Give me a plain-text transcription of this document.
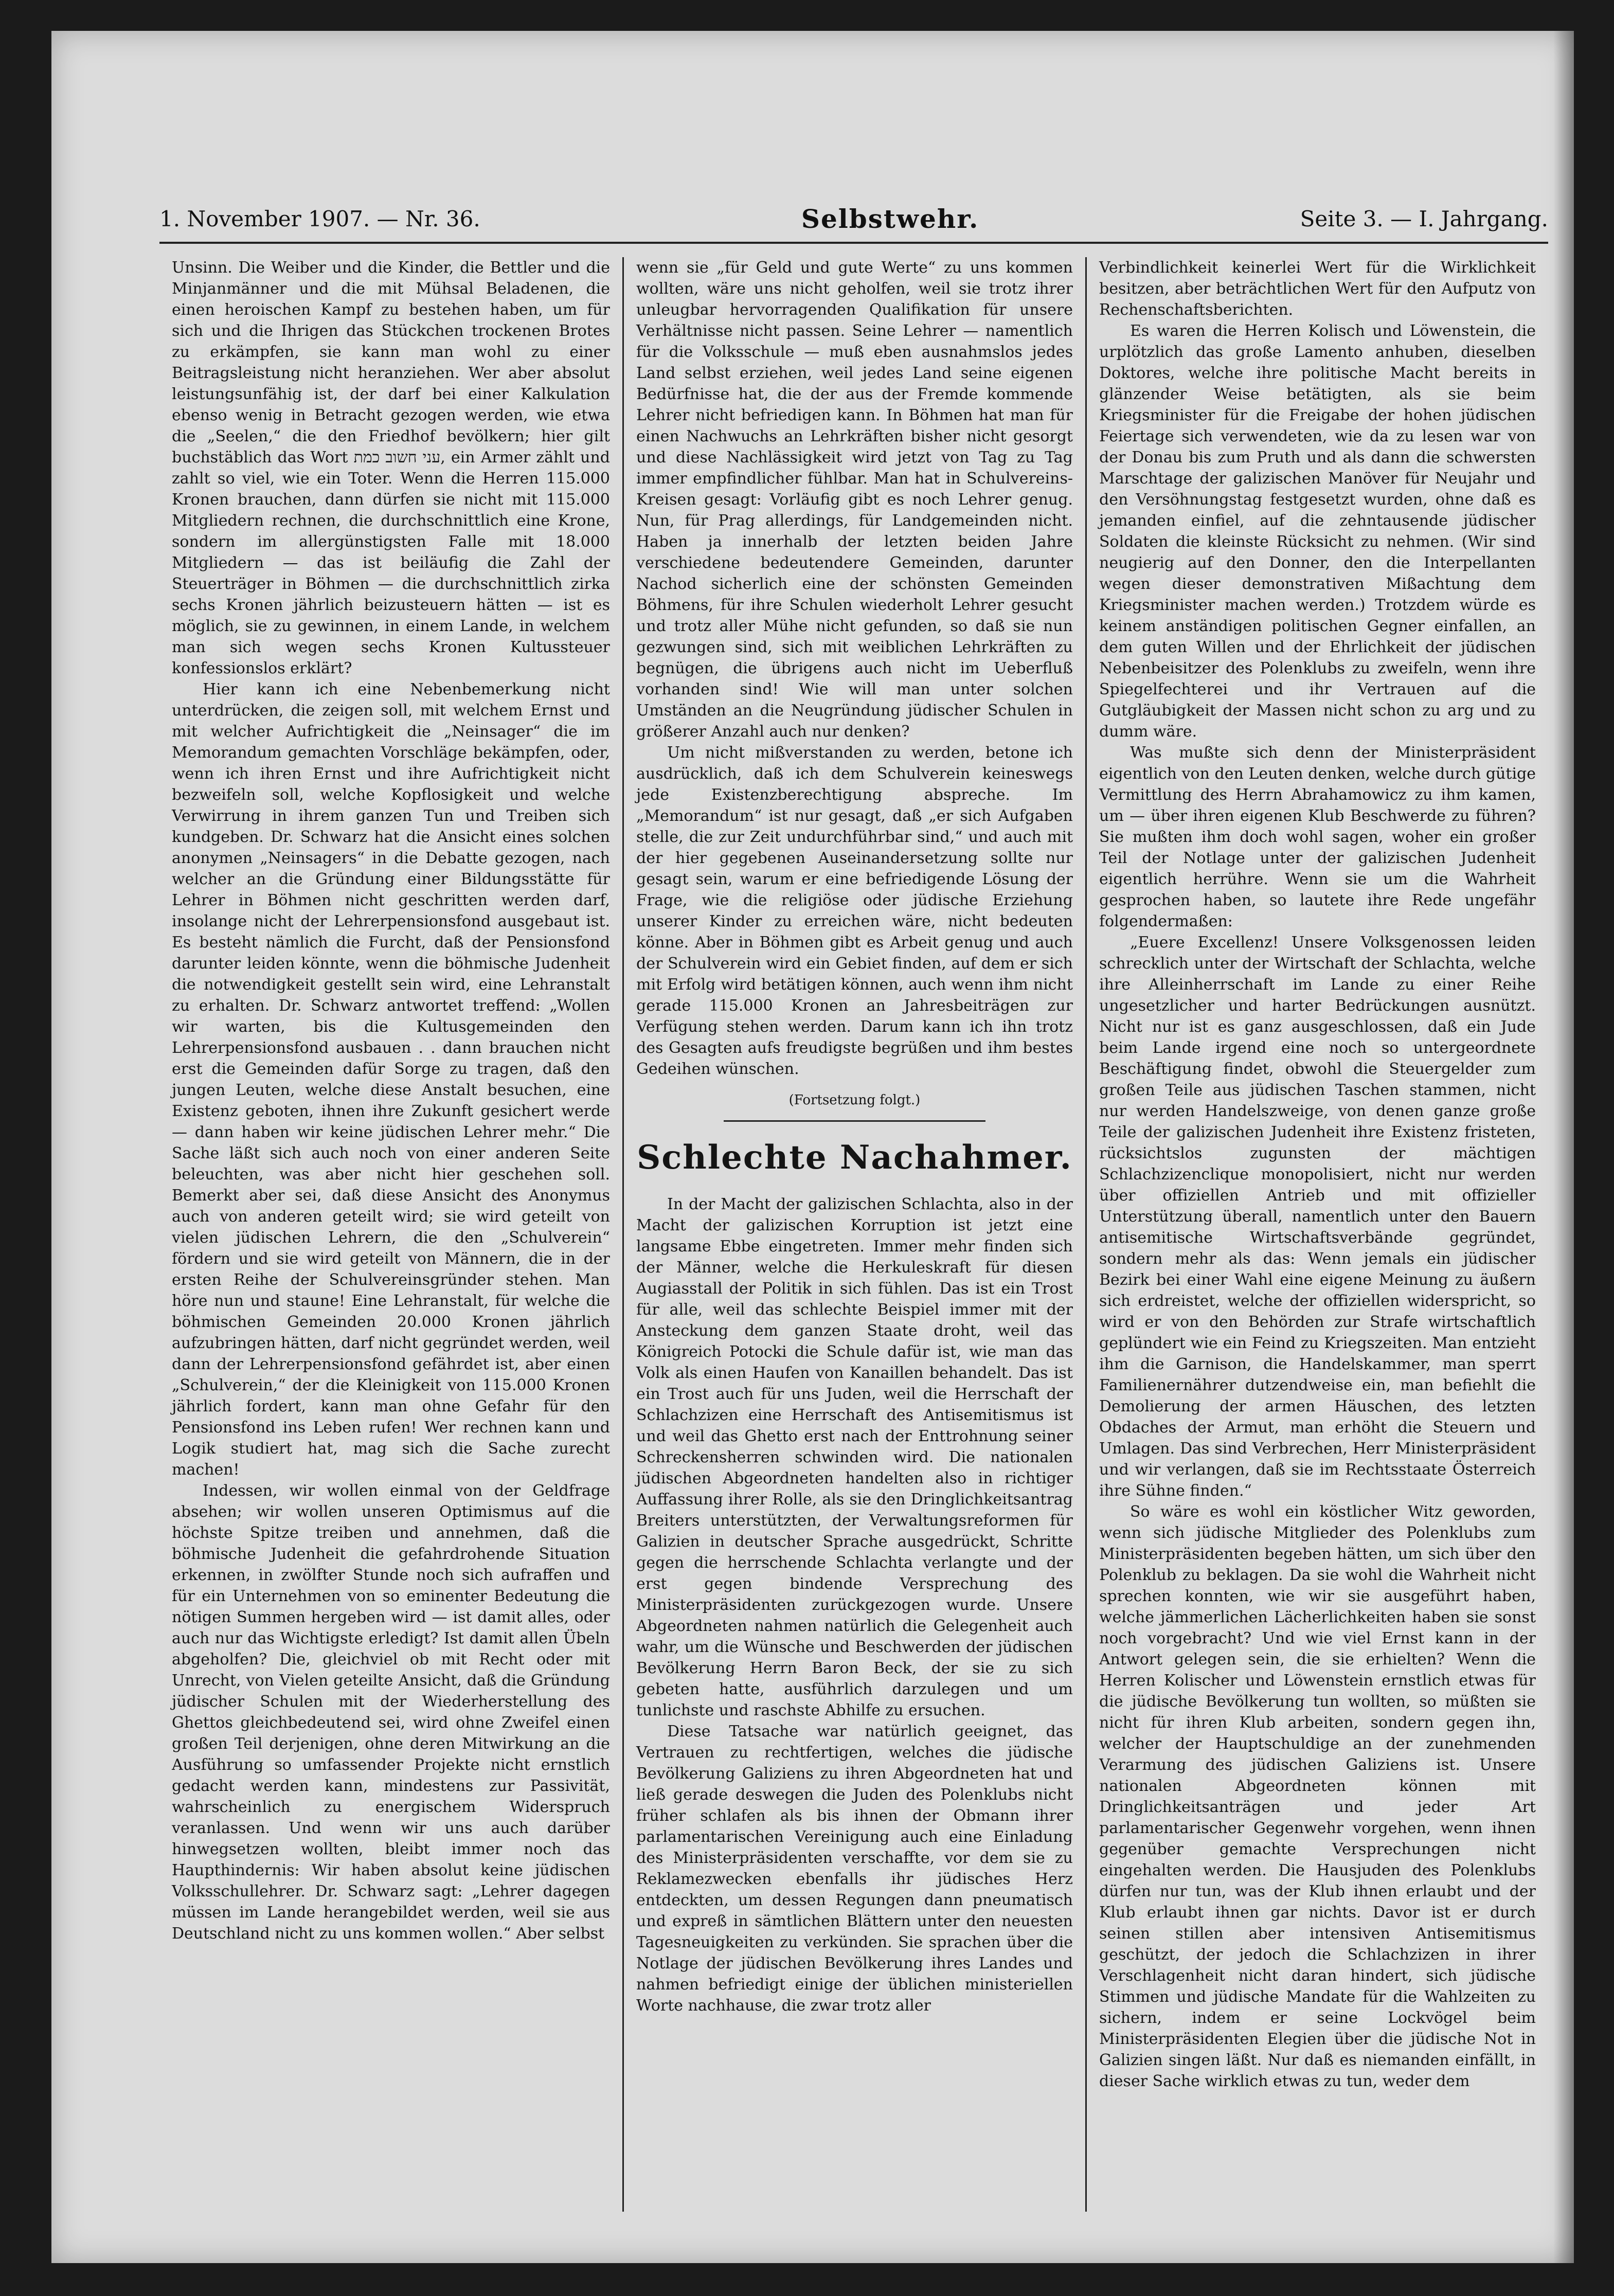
1. November 1907. — Nr. 36.	Selbstwehr.	Seite 3. — I. Jahrgang.

Unsinn. Die Weiber und die Kinder, die Bettler und die Minjanmänner und die mit Mühsal Beladenen, die einen heroischen Kampf zu bestehen haben, um für sich und die Ihrigen das Stückchen trockenen Brotes zu erkämpfen, sie kann man wohl zu einer Beitragsleistung nicht heranziehen. Wer aber absolut leistungsunfähig ist, der darf bei einer Kalkulation ebenso wenig in Betracht gezogen werden, wie etwa die „Seelen,“ die den Friedhof bevölkern; hier gilt buchstäblich das Wort עני חשוב כמת, ein Armer zählt und zahlt so viel, wie ein Toter. Wenn die Herren 115.000 Kronen brauchen, dann dürfen sie nicht mit 115.000 Mitgliedern rechnen, die durchschnittlich eine Krone, sondern im allergünstigsten Falle mit 18.000 Mitgliedern — das ist beiläufig die Zahl der Steuerträger in Böhmen — die durchschnittlich zirka sechs Kronen jährlich beizusteuern hätten — ist es möglich, sie zu gewinnen, in einem Lande, in welchem man sich wegen sechs Kronen Kultussteuer konfessionslos erklärt?

Hier kann ich eine Nebenbemerkung nicht unterdrücken, die zeigen soll, mit welchem Ernst und mit welcher Aufrichtigkeit die „Neinsager“ die im Memorandum gemachten Vorschläge bekämpfen, oder, wenn ich ihren Ernst und ihre Aufrichtigkeit nicht bezweifeln soll, welche Kopflosigkeit und welche Verwirrung in ihrem ganzen Tun und Treiben sich kundgeben. Dr. Schwarz hat die Ansicht eines solchen anonymen „Neinsagers“ in die Debatte gezogen, nach welcher an die Gründung einer Bildungsstätte für Lehrer in Böhmen nicht geschritten werden darf, insolange nicht der Lehrerpensionsfond ausgebaut ist. Es besteht nämlich die Furcht, daß der Pensionsfond darunter leiden könnte, wenn die böhmische Judenheit die notwendigkeit gestellt sein wird, eine Lehranstalt zu erhalten. Dr. Schwarz antwortet treffend: „Wollen wir warten, bis die Kultusgemeinden den Lehrerpensionsfond ausbauen . . dann brauchen nicht erst die Gemeinden dafür Sorge zu tragen, daß den jungen Leuten, welche diese Anstalt besuchen, eine Existenz geboten, ihnen ihre Zukunft gesichert werde — dann haben wir keine jüdischen Lehrer mehr.“ Die Sache läßt sich auch noch von einer anderen Seite beleuchten, was aber nicht hier geschehen soll. Bemerkt aber sei, daß diese Ansicht des Anonymus auch von anderen geteilt wird; sie wird geteilt von vielen jüdischen Lehrern, die den „Schulverein“ fördern und sie wird geteilt von Männern, die in der ersten Reihe der Schulvereinsgründer stehen. Man höre nun und staune! Eine Lehranstalt, für welche die böhmischen Gemeinden 20.000 Kronen jährlich aufzubringen hätten, darf nicht gegründet werden, weil dann der Lehrerpensionsfond gefährdet ist, aber einen „Schulverein,“ der die Kleinigkeit von 115.000 Kronen jährlich fordert, kann man ohne Gefahr für den Pensionsfond ins Leben rufen! Wer rechnen kann und Logik studiert hat, mag sich die Sache zurecht machen!

Indessen, wir wollen einmal von der Geldfrage absehen; wir wollen unseren Optimismus auf die höchste Spitze treiben und annehmen, daß die böhmische Judenheit die gefahrdrohende Situation erkennen, in zwölfter Stunde noch sich aufraffen und für ein Unternehmen von so eminenter Bedeutung die nötigen Summen hergeben wird — ist damit alles, oder auch nur das Wichtigste erledigt? Ist damit allen Übeln abgeholfen? Die, gleichviel ob mit Recht oder mit Unrecht, von Vielen geteilte Ansicht, daß die Gründung jüdischer Schulen mit der Wiederherstellung des Ghettos gleichbedeutend sei, wird ohne Zweifel einen großen Teil derjenigen, ohne deren Mitwirkung an die Ausführung so umfassender Projekte nicht ernstlich gedacht werden kann, mindestens zur Passivität, wahrscheinlich zu energischem Widerspruch veranlassen. Und wenn wir uns auch darüber hinwegsetzen wollten, bleibt immer noch das Haupthindernis: Wir haben absolut keine jüdischen Volksschullehrer. Dr. Schwarz sagt: „Lehrer dagegen müssen im Lande herangebildet werden, weil sie aus Deutschland nicht zu uns kommen wollen.“ Aber selbst

wenn sie „für Geld und gute Werte“ zu uns kommen wollten, wäre uns nicht geholfen, weil sie trotz ihrer unleugbar hervorragenden Qualifikation für unsere Verhältnisse nicht passen. Seine Lehrer — namentlich für die Volksschule — muß eben ausnahmslos jedes Land selbst erziehen, weil jedes Land seine eigenen Bedürfnisse hat, die der aus der Fremde kommende Lehrer nicht befriedigen kann. In Böhmen hat man für einen Nachwuchs an Lehrkräften bisher nicht gesorgt und diese Nachlässigkeit wird jetzt von Tag zu Tag immer empfindlicher fühlbar. Man hat in Schulvereins-Kreisen gesagt: Vorläufig gibt es noch Lehrer genug. Nun, für Prag allerdings, für Landgemeinden nicht. Haben ja innerhalb der letzten beiden Jahre verschiedene bedeutendere Gemeinden, darunter Nachod sicherlich eine der schönsten Gemeinden Böhmens, für ihre Schulen wiederholt Lehrer gesucht und trotz aller Mühe nicht gefunden, so daß sie nun gezwungen sind, sich mit weiblichen Lehrkräften zu begnügen, die übrigens auch nicht im Ueberfluß vorhanden sind! Wie will man unter solchen Umständen an die Neugründung jüdischer Schulen in größerer Anzahl auch nur denken?

Um nicht mißverstanden zu werden, betone ich ausdrücklich, daß ich dem Schulverein keineswegs jede Existenzberechtigung abspreche. Im „Memorandum“ ist nur gesagt, daß „er sich Aufgaben stelle, die zur Zeit undurchführbar sind,“ und auch mit der hier gegebenen Auseinandersetzung sollte nur gesagt sein, warum er eine befriedigende Lösung der Frage, wie die religiöse oder jüdische Erziehung unserer Kinder zu erreichen wäre, nicht bedeuten könne. Aber in Böhmen gibt es Arbeit genug und auch der Schulverein wird ein Gebiet finden, auf dem er sich mit Erfolg wird betätigen können, auch wenn ihm nicht gerade 115.000 Kronen an Jahresbeiträgen zur Verfügung stehen werden. Darum kann ich ihn trotz des Gesagten aufs freudigste begrüßen und ihm bestes Gedeihen wünschen.

(Fortsetzung folgt.)
Schlechte Nachahmer.

In der Macht der galizischen Schlachta, also in der Macht der galizischen Korruption ist jetzt eine langsame Ebbe eingetreten. Immer mehr finden sich der Männer, welche die Herkuleskraft für diesen Augiasstall der Politik in sich fühlen. Das ist ein Trost für alle, weil das schlechte Beispiel immer mit der Ansteckung dem ganzen Staate droht, weil das Königreich Potocki die Schule dafür ist, wie man das Volk als einen Haufen von Kanaillen behandelt. Das ist ein Trost auch für uns Juden, weil die Herrschaft der Schlachzizen eine Herrschaft des Antisemitismus ist und weil das Ghetto erst nach der Enttrohnung seiner Schreckensherren schwinden wird. Die nationalen jüdischen Abgeordneten handelten also in richtiger Auffassung ihrer Rolle, als sie den Dringlichkeitsantrag Breiters unterstützten, der Verwaltungsreformen für Galizien in deutscher Sprache ausgedrückt, Schritte gegen die herrschende Schlachta verlangte und der erst gegen bindende Versprechung des Ministerpräsidenten zurückgezogen wurde. Unsere Abgeordneten nahmen natürlich die Gelegenheit auch wahr, um die Wünsche und Beschwerden der jüdischen Bevölkerung Herrn Baron Beck, der sie zu sich gebeten hatte, ausführlich darzulegen und um tunlichste und raschste Abhilfe zu ersuchen.

Diese Tatsache war natürlich geeignet, das Vertrauen zu rechtfertigen, welches die jüdische Bevölkerung Galiziens zu ihren Abgeordneten hat und ließ gerade deswegen die Juden des Polenklubs nicht früher schlafen als bis ihnen der Obmann ihrer parlamentarischen Vereinigung auch eine Einladung des Ministerpräsidenten verschaffte, vor dem sie zu Reklamezwecken ebenfalls ihr jüdisches Herz entdeckten, um dessen Regungen dann pneumatisch und expreß in sämtlichen Blättern unter den neuesten Tagesneuigkeiten zu verkünden. Sie sprachen über die Notlage der jüdischen Bevölkerung ihres Landes und nahmen befriedigt einige der üblichen ministeriellen Worte nachhause, die zwar trotz aller

Verbindlichkeit keinerlei Wert für die Wirklichkeit besitzen, aber beträchtlichen Wert für den Aufputz von Rechenschaftsberichten.

Es waren die Herren Kolisch und Löwenstein, die urplötzlich das große Lamento anhuben, dieselben Doktores, welche ihre politische Macht bereits in glänzender Weise betätigten, als sie beim Kriegsminister für die Freigabe der hohen jüdischen Feiertage sich verwendeten, wie da zu lesen war von der Donau bis zum Pruth und als dann die schwersten Marschtage der galizischen Manöver für Neujahr und den Versöhnungstag festgesetzt wurden, ohne daß es jemanden einfiel, auf die zehntausende jüdischer Soldaten die kleinste Rücksicht zu nehmen. (Wir sind neugierig auf den Donner, den die Interpellanten wegen dieser demonstrativen Mißachtung dem Kriegsminister machen werden.) Trotzdem würde es keinem anständigen politischen Gegner einfallen, an dem guten Willen und der Ehrlichkeit der jüdischen Nebenbeisitzer des Polenklubs zu zweifeln, wenn ihre Spiegelfechterei und ihr Vertrauen auf die Gutgläubigkeit der Massen nicht schon zu arg und zu dumm wäre.

Was mußte sich denn der Ministerpräsident eigentlich von den Leuten denken, welche durch gütige Vermittlung des Herrn Abrahamowicz zu ihm kamen, um — über ihren eigenen Klub Beschwerde zu führen? Sie mußten ihm doch wohl sagen, woher ein großer Teil der Notlage unter der galizischen Judenheit eigentlich herrühre. Wenn sie um die Wahrheit gesprochen haben, so lautete ihre Rede ungefähr folgendermaßen:

„Euere Excellenz! Unsere Volksgenossen leiden schrecklich unter der Wirtschaft der Schlachta, welche ihre Alleinherrschaft im Lande zu einer Reihe ungesetzlicher und harter Bedrückungen ausnützt. Nicht nur ist es ganz ausgeschlossen, daß ein Jude beim Lande irgend eine noch so untergeordnete Beschäftigung findet, obwohl die Steuergelder zum großen Teile aus jüdischen Taschen stammen, nicht nur werden Handelszweige, von denen ganze große Teile der galizischen Judenheit ihre Existenz fristeten, rücksichtslos zugunsten der mächtigen Schlachzizenclique monopolisiert, nicht nur werden über offiziellen Antrieb und mit offizieller Unterstützung überall, namentlich unter den Bauern antisemitische Wirtschaftsverbände gegründet, sondern mehr als das: Wenn jemals ein jüdischer Bezirk bei einer Wahl eine eigene Meinung zu äußern sich erdreistet, welche der offiziellen widerspricht, so wird er von den Behörden zur Strafe wirtschaftlich geplündert wie ein Feind zu Kriegszeiten. Man entzieht ihm die Garnison, die Handelskammer, man sperrt Familienernährer dutzendweise ein, man befiehlt die Demolierung der armen Häuschen, des letzten Obdaches der Armut, man erhöht die Steuern und Umlagen. Das sind Verbrechen, Herr Ministerpräsident und wir verlangen, daß sie im Rechtsstaate Österreich ihre Sühne finden.“

So wäre es wohl ein köstlicher Witz geworden, wenn sich jüdische Mitglieder des Polenklubs zum Ministerpräsidenten begeben hätten, um sich über den Polenklub zu beklagen. Da sie wohl die Wahrheit nicht sprechen konnten, wie wir sie ausgeführt haben, welche jämmerlichen Lächerlichkeiten haben sie sonst noch vorgebracht? Und wie viel Ernst kann in der Antwort gelegen sein, die sie erhielten? Wenn die Herren Kolischer und Löwenstein ernstlich etwas für die jüdische Bevölkerung tun wollten, so müßten sie nicht für ihren Klub arbeiten, sondern gegen ihn, welcher der Hauptschuldige an der zunehmenden Verarmung des jüdischen Galiziens ist. Unsere nationalen Abgeordneten können mit Dringlichkeitsanträgen und jeder Art parlamentarischer Gegenwehr vorgehen, wenn ihnen gegenüber gemachte Versprechungen nicht eingehalten werden. Die Hausjuden des Polenklubs dürfen nur tun, was der Klub ihnen erlaubt und der Klub erlaubt ihnen gar nichts. Davor ist er durch seinen stillen aber intensiven Antisemitismus geschützt, der jedoch die Schlachzizen in ihrer Verschlagenheit nicht daran hindert, sich jüdische Stimmen und jüdische Mandate für die Wahlzeiten zu sichern, indem er seine Lockvögel beim Ministerpräsidenten Elegien über die jüdische Not in Galizien singen läßt. Nur daß es niemanden einfällt, in dieser Sache wirklich etwas zu tun, weder dem
